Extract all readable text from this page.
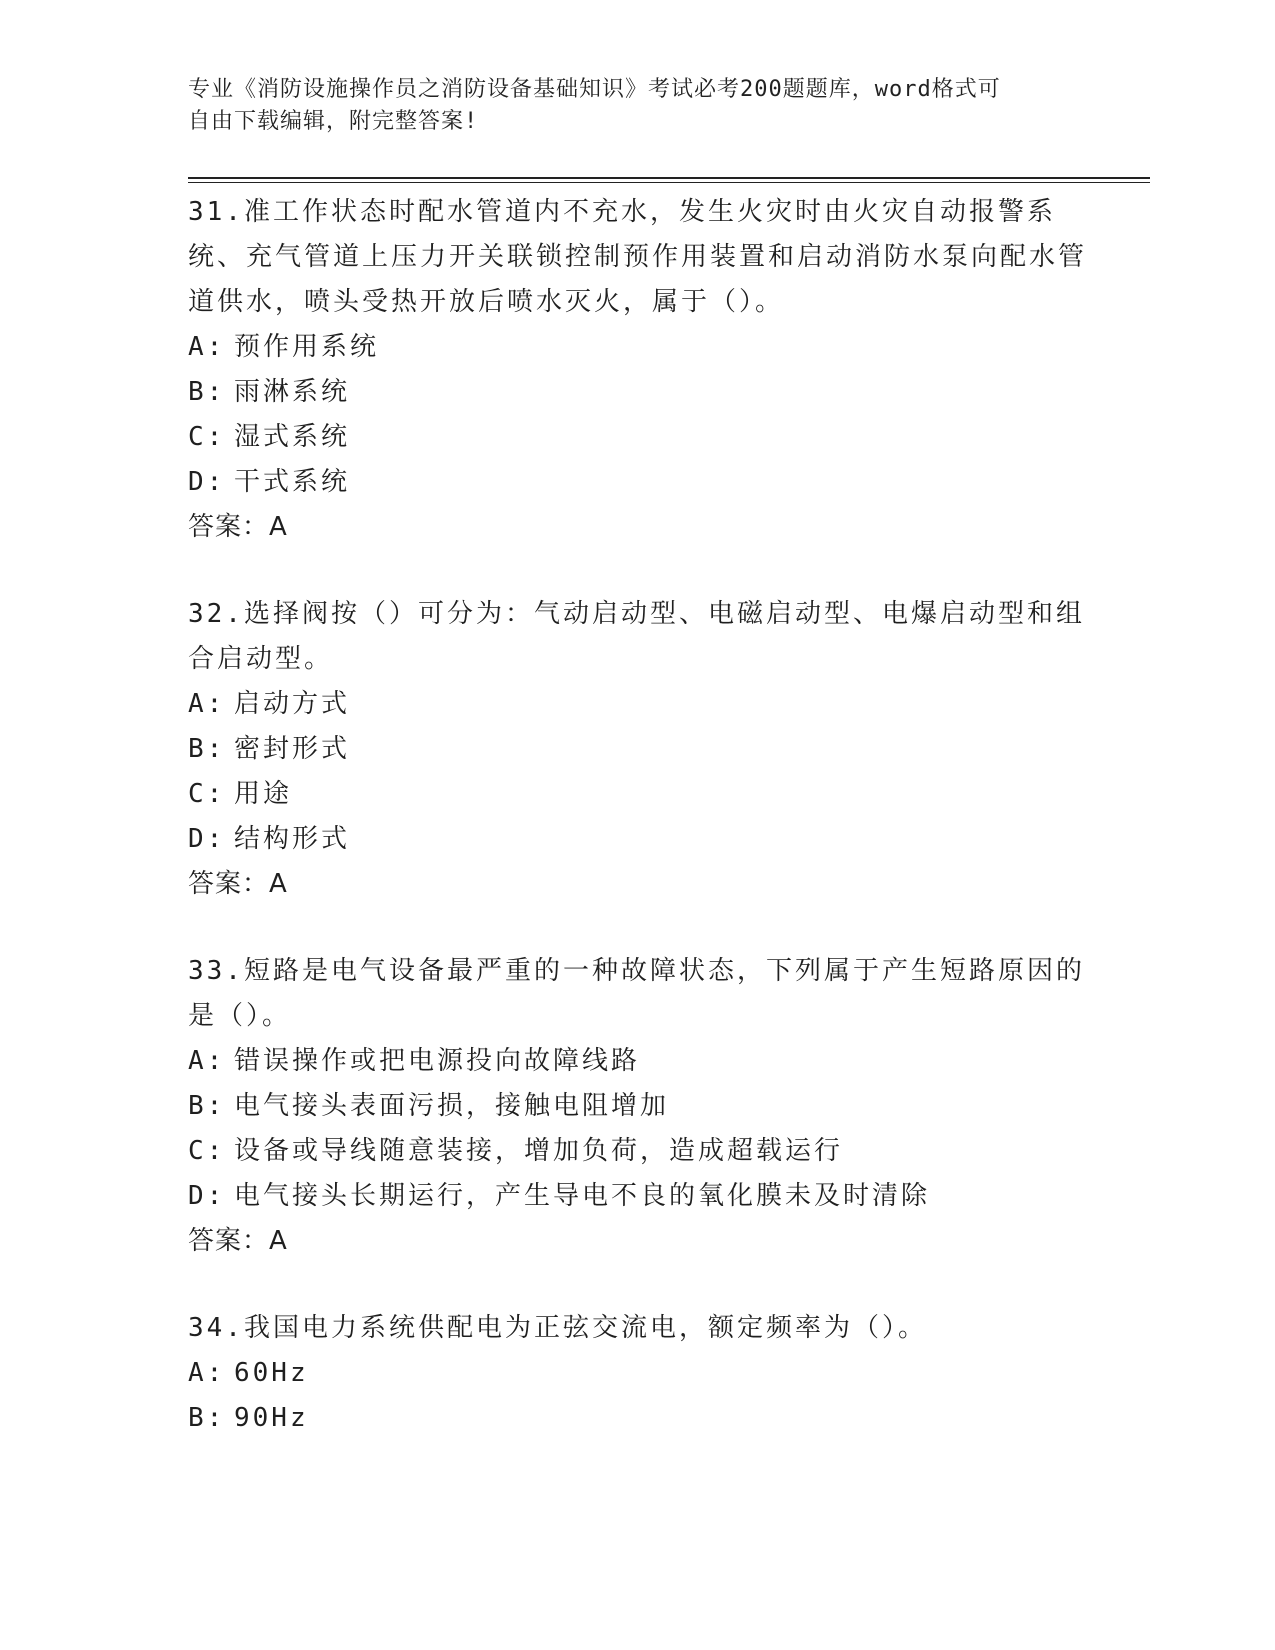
专业《消防设施操作员之消防设备基础知识》考试必考200题题库，word格式可
自由下载编辑，附完整答案!

31.准工作状态时配水管道内不充水，发生火灾时由火灾自动报警系统、充气管道上压力开关联锁控制预作用装置和启动消防水泵向配水管道供水，喷头受热开放后喷水灭火，属于（）。

A: 预作用系统

B: 雨淋系统

C: 湿式系统

D: 干式系统

答案：A

32.选择阀按（）可分为：气动启动型、电磁启动型、电爆启动型和组合启动型。

A: 启动方式

B: 密封形式

C: 用途

D: 结构形式

答案：A

33.短路是电气设备最严重的一种故障状态，下列属于产生短路原因的是（）。

A: 错误操作或把电源投向故障线路

B: 电气接头表面污损，接触电阻增加

C: 设备或导线随意装接，增加负荷，造成超载运行

D: 电气接头长期运行，产生导电不良的氧化膜未及时清除

答案：A

34.我国电力系统供配电为正弦交流电，额定频率为（）。

A: 60Hz

B: 90Hz
